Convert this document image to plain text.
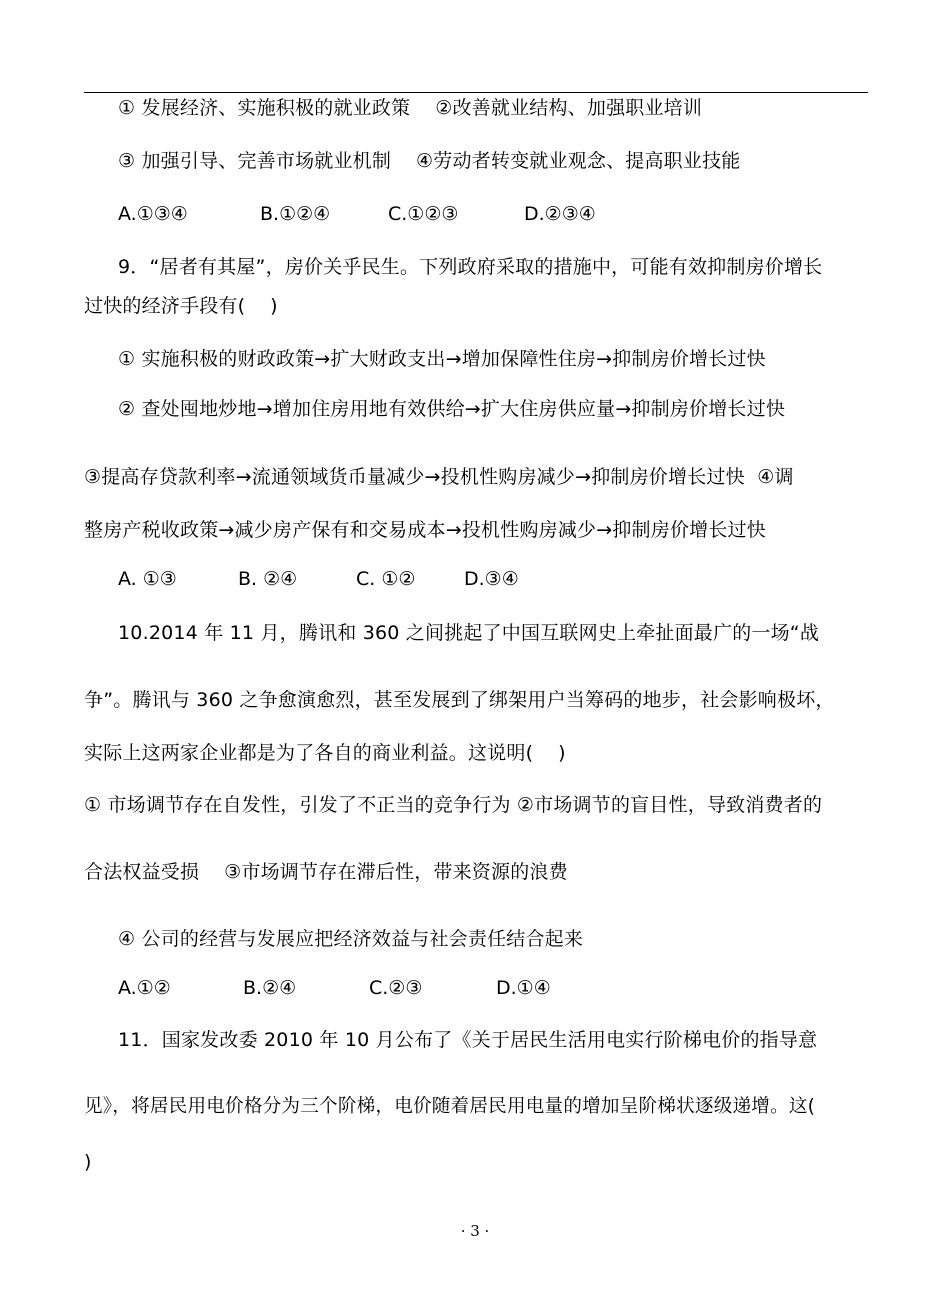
① 发展经济、实施积极的就业政策    ②改善就业结构、加强职业培训
③ 加强引导、完善市场就业机制    ④劳动者转变就业观念、提高职业技能

A.①③④

	B.①②④

	C.①②③

	D.②③④

9．“居者有其屋”，房价关乎民生。下列政府采取的措施中，可能有效抑制房价增长
过快的经济手段有(    )
① 实施积极的财政政策→扩大财政支出→增加保障性住房→抑制房价增长过快
② 查处囤地炒地→增加住房用地有效供给→扩大住房供应量→抑制房价增长过快
③提高存贷款利率→流通领域货币量减少→投机性购房减少→抑制房价增长过快  ④调
整房产税收政策→减少房产保有和交易成本→投机性购房减少→抑制房价增长过快

A. ①③

	B. ②④

	C. ①②

	D.③④

10.2014 年 11 月，腾讯和 360 之间挑起了中国互联网史上牵扯面最广的一场“战
争”。腾讯与 360 之争愈演愈烈，甚至发展到了绑架用户当筹码的地步，社会影响极坏，
实际上这两家企业都是为了各自的商业利益。这说明(    )
① 市场调节存在自发性，引发了不正当的竞争行为 ②市场调节的盲目性，导致消费者的
合法权益受损    ③市场调节存在滞后性，带来资源的浪费
④ 公司的经营与发展应把经济效益与社会责任结合起来

A.①②

	B.②④

	C.②③

	D.①④

11．国家发改委 2010 年 10 月公布了《关于居民生活用电实行阶梯电价的指导意
见》，将居民用电价格分为三个阶梯，电价随着居民用电量的增加呈阶梯状逐级递增。这(
)
· 3 ·
